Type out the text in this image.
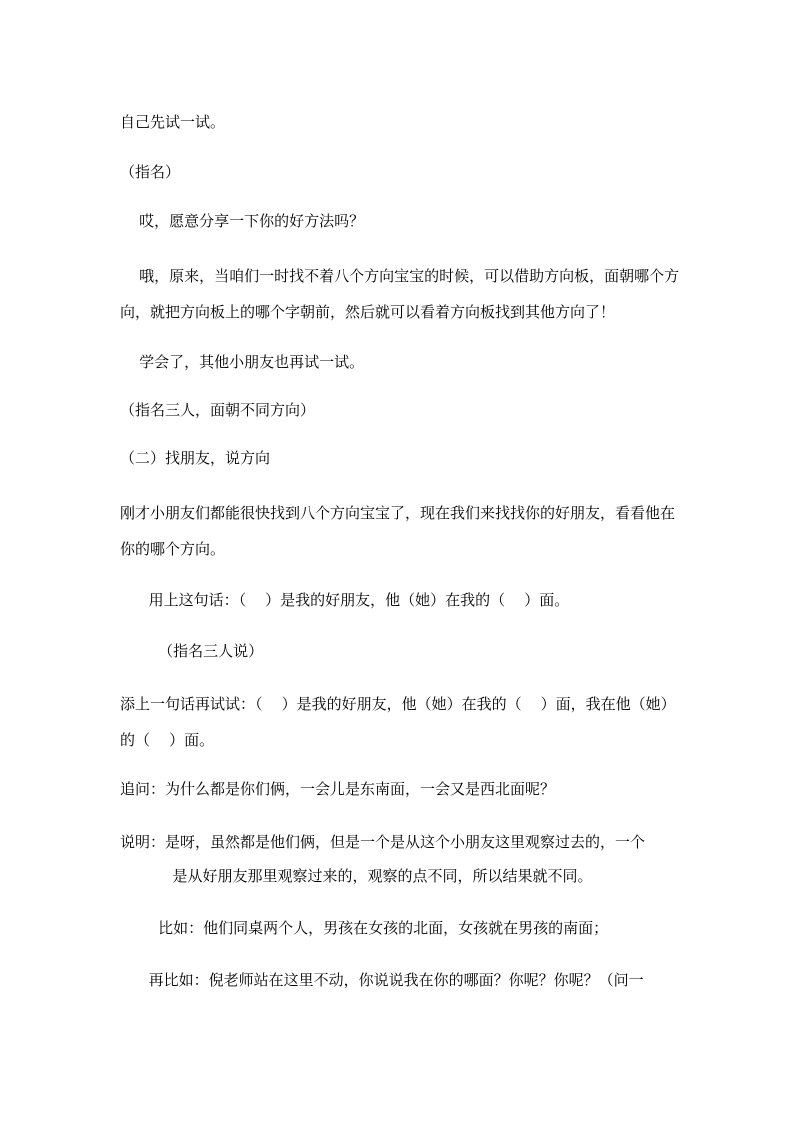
自己先试一试。

（指名）

哎，愿意分享一下你的好方法吗？

哦，原来，当咱们一时找不着八个方向宝宝的时候，可以借助方向板，面朝哪个方向，就把方向板上的哪个字朝前，然后就可以看着方向板找到其他方向了！

学会了，其他小朋友也再试一试。

（指名三人，面朝不同方向）

（二）找朋友，说方向

刚才小朋友们都能很快找到八个方向宝宝了，现在我们来找找你的好朋友，看看他在你的哪个方向。

用上这句话：（    ）是我的好朋友，他（她）在我的（    ）面。

（指名三人说）

添上一句话再试试：（    ）是我的好朋友，他（她）在我的（    ）面，我在他（她）的（    ）面。

追问：为什么都是你们俩，一会儿是东南面，一会又是西北面呢？

说明：是呀，虽然都是他们俩，但是一个是从这个小朋友这里观察过去的，一个

是从好朋友那里观察过来的，观察的点不同，所以结果就不同。

比如：他们同桌两个人，男孩在女孩的北面，女孩就在男孩的南面；

再比如：倪老师站在这里不动，你说说我在你的哪面？你呢？你呢？（问一
